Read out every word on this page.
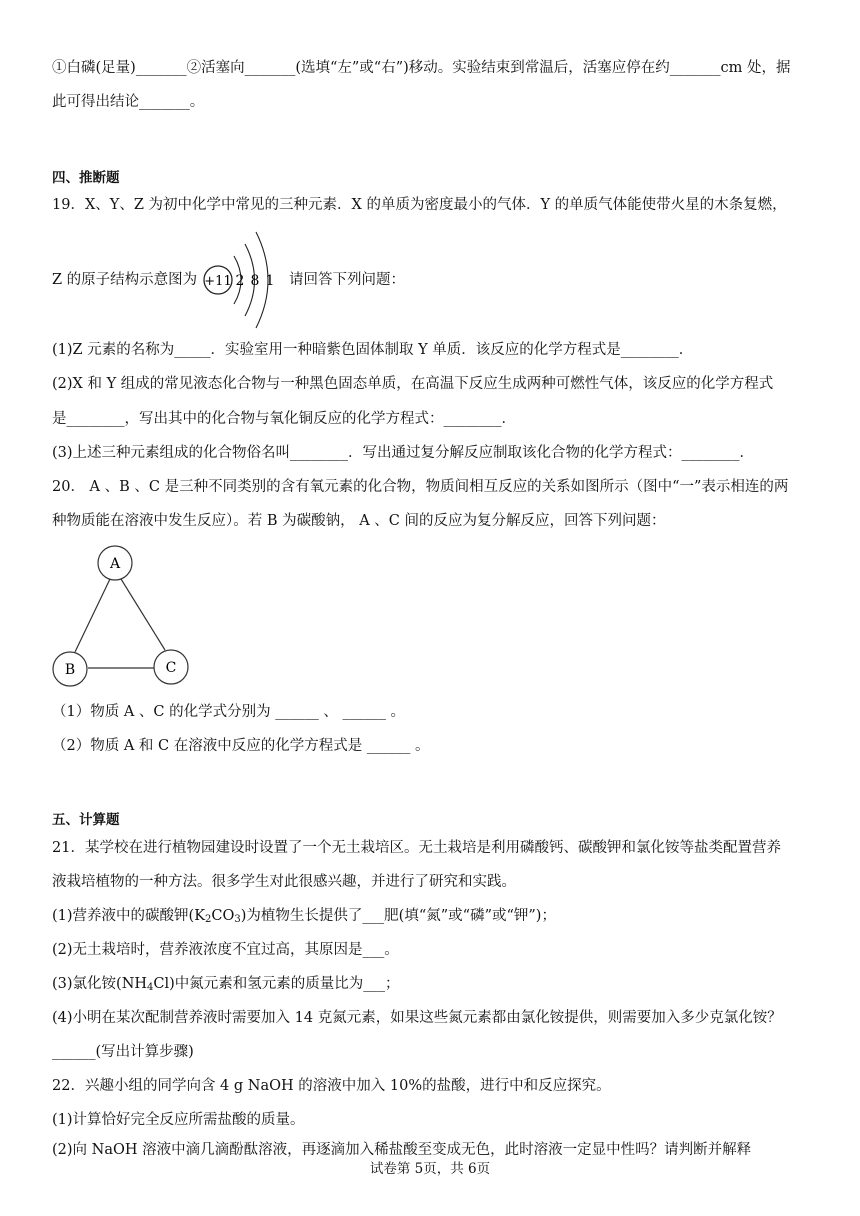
①白磷(足量)_______②活塞向_______(选填“左”或“右”)移动。实验结束到常温后，活塞应停在约_______cm 处，据
此可得出结论_______。
四、推断题
19．X、Y、Z 为初中化学中常见的三种元素．X 的单质为密度最小的气体．Y 的单质气体能使带火星的木条复燃，
Z 的原子结构示意图为 +11 2 8 1 请回答下列问题：
(1)Z 元素的名称为_____．实验室用一种暗紫色固体制取 Y 单质．该反应的化学方程式是________．
(2)X 和 Y 组成的常见液态化合物与一种黑色固态单质，在高温下反应生成两种可燃性气体，该反应的化学方程式
是________，写出其中的化合物与氧化铜反应的化学方程式：________．
(3)上述三种元素组成的化合物俗名叫________．写出通过复分解反应制取该化合物的化学方程式：________．
20． A 、B 、C 是三种不同类别的含有氧元素的化合物，物质间相互反应的关系如图所示（图中“一”表示相连的两
种物质能在溶液中发生反应）。若 B 为碳酸钠， A 、C 间的反应为复分解反应，回答下列问题：
A
B	C
（1）物质 A 、C 的化学式分别为 ______ 、 ______ 。
（2）物质 A 和 C 在溶液中反应的化学方程式是 ______ 。
五、计算题
21．某学校在进行植物园建设时设置了一个无土栽培区。无土栽培是利用磷酸钙、碳酸钾和氯化铵等盐类配置营养
液栽培植物的一种方法。很多学生对此很感兴趣，并进行了研究和实践。
(1)营养液中的碳酸钾$(K_2CO_3)$为植物生长提供了___肥(填“氮”或“磷”或“钾”)；
(2)无土栽培时，营养液浓度不宜过高，其原因是___。
(3)氯化铵$(NH_4Cl)$中氮元素和氢元素的质量比为___；
(4)小明在某次配制营养液时需要加入 14 克氮元素，如果这些氮元素都由氯化铵提供，则需要加入多少克氯化铵？
______(写出计算步骤)
22．兴趣小组的同学向含 4 g NaOH 的溶液中加入 10%的盐酸，进行中和反应探究。
(1)计算恰好完全反应所需盐酸的质量。
(2)向 NaOH 溶液中滴几滴酚酞溶液，再逐滴加入稀盐酸至变成无色，此时溶液一定显中性吗？请判断并解释
试卷第 5页，共 6页
